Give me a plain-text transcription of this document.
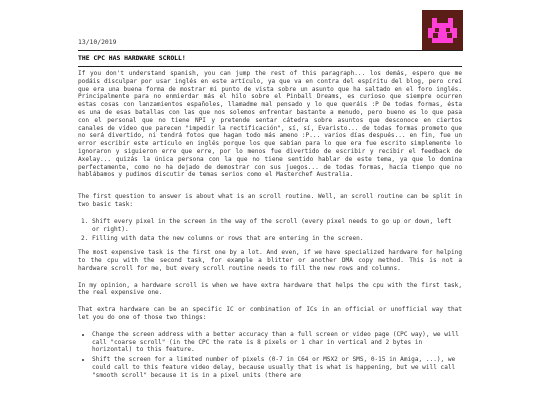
13/10/2019
THE CPC HAS HARDWARE SCROLL!

If you don't understand spanish, you can jump the rest of this paragraph... los demás, espero que me podáis disculpar por usar inglés en este artículo, ya que va en contra del espíritu del blog, pero creí que era una buena forma de mostrar mi punto de vista sobre un asunto que ha saltado en el foro inglés. Principalmente para no enmierdar más el hilo sobre el Pinball Dreams, es curioso que siempre ocurren estas cosas con lanzamientos españoles, llamadme mal pensado y lo que queráis :P De todas formas, ésta es una de esas batallas con las que nos solemos enfrentar bastante a menudo, pero bueno es lo que pasa con el personal que no tiene NPI y pretende sentar cátedra sobre asuntos que desconoce en ciertos canales de vídeo que parecen "impedir la rectificación", sí, sí, Evaristo... de todas formas prometo que no será divertido, ni tendrá fotos que hagan todo más ameno :P... varios días después... en fin, fue un error escribir este artículo en inglés porque los que sabían para lo que era fue escrito simplemente lo ignoraron y siguieron erre que erre, por lo menos fue divertido de escribir y recibir el feedback de Axelay... quizás la única persona con la que no tiene sentido hablar de este tema, ya que lo domina perfectamente, como no ha dejado de demostrar con sus juegos... de todas formas, hacía tiempo que no hablábamos y pudimos discutir de temas serios como el Masterchef Australia.

The first question to answer is about what is an scroll routine. Well, an scroll routine can be split in two basic task:

1. Shift every pixel in the screen in the way of the scroll (every pixel needs to go up or down, left or right).
2. Filling with data the new columns or rows that are entering in the screen.

The most expensive task is the first one by a lot. And even, if we have specialized hardware for helping to the cpu with the second task, for example a blitter or another DMA copy method. This is not a hardware scroll for me, but every scroll routine needs to fill the new rows and columns.

In my opinion, a hardware scroll is when we have extra hardware that helps the cpu with the first task, the real expensive one.

That extra hardware can be an specific IC or combination of ICs in an official or unofficial way that let you do one of those two things:

• Change the screen address with a better accuracy than a full screen or video page (CPC way), we will call "coarse scroll" (in the CPC the rate is 8 pixels or 1 char in vertical and 2 bytes in horizontal) to this feature.
• Shift the screen for a limited number of pixels (0-7 in C64 or MSX2 or SMS, 0-15 in Amiga, ...), we could call to this feature video delay, because usually that is what is happening, but we will call "smooth scroll" because it is in a pixel units (there are
